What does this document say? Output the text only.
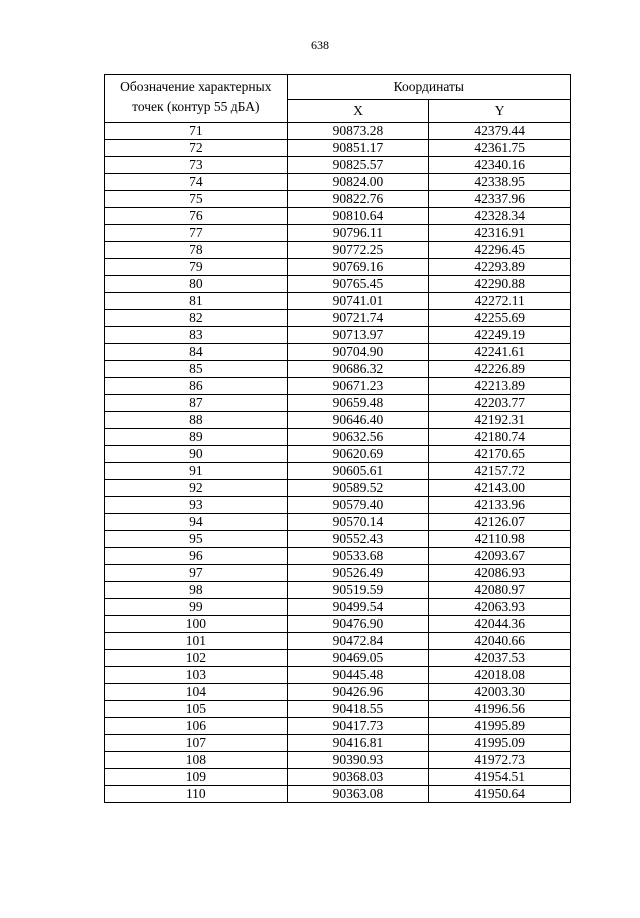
638
Обозначение характерных точек (контур 55 дБА)	Координаты	
	X	Y
71	90873.28	42379.44
72	90851.17	42361.75
73	90825.57	42340.16
74	90824.00	42338.95
75	90822.76	42337.96
76	90810.64	42328.34
77	90796.11	42316.91
78	90772.25	42296.45
79	90769.16	42293.89
80	90765.45	42290.88
81	90741.01	42272.11
82	90721.74	42255.69
83	90713.97	42249.19
84	90704.90	42241.61
85	90686.32	42226.89
86	90671.23	42213.89
87	90659.48	42203.77
88	90646.40	42192.31
89	90632.56	42180.74
90	90620.69	42170.65
91	90605.61	42157.72
92	90589.52	42143.00
93	90579.40	42133.96
94	90570.14	42126.07
95	90552.43	42110.98
96	90533.68	42093.67
97	90526.49	42086.93
98	90519.59	42080.97
99	90499.54	42063.93
100	90476.90	42044.36
101	90472.84	42040.66
102	90469.05	42037.53
103	90445.48	42018.08
104	90426.96	42003.30
105	90418.55	41996.56
106	90417.73	41995.89
107	90416.81	41995.09
108	90390.93	41972.73
109	90368.03	41954.51
110	90363.08	41950.64
